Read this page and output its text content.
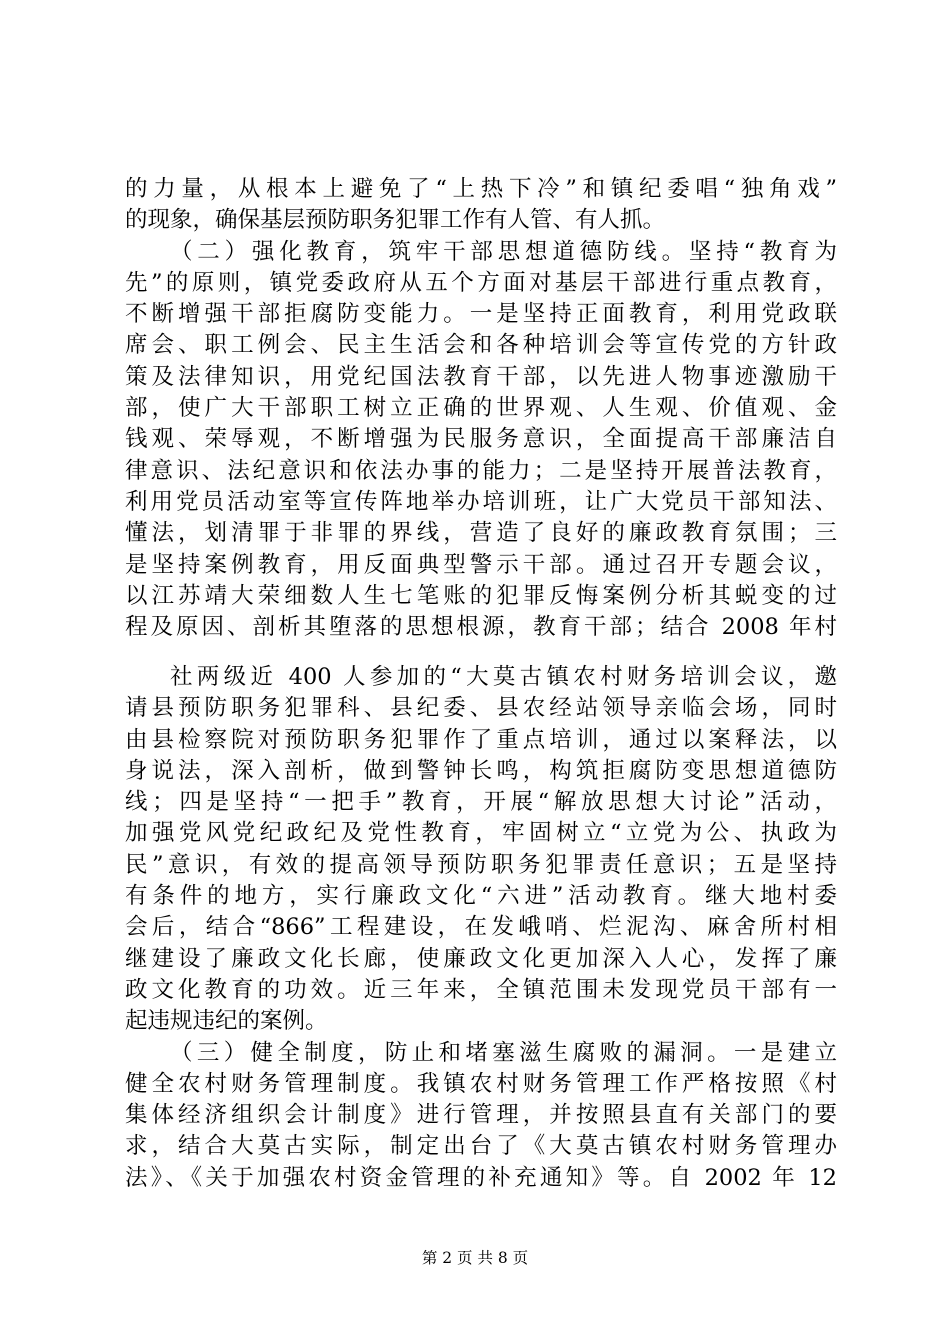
的力量，从根本上避免了“上热下冷”和镇纪委唱“独角戏”
的现象，确保基层预防职务犯罪工作有人管、有人抓。
（二）强化教育，筑牢干部思想道德防线。坚持“教育为
先”的原则，镇党委政府从五个方面对基层干部进行重点教育，
不断增强干部拒腐防变能力。一是坚持正面教育，利用党政联
席会、职工例会、民主生活会和各种培训会等宣传党的方针政
策及法律知识，用党纪国法教育干部，以先进人物事迹激励干
部，使广大干部职工树立正确的世界观、人生观、价值观、金
钱观、荣辱观，不断增强为民服务意识，全面提高干部廉洁自
律意识、法纪意识和依法办事的能力；二是坚持开展普法教育，
利用党员活动室等宣传阵地举办培训班，让广大党员干部知法、
懂法，划清罪于非罪的界线，营造了良好的廉政教育氛围；三
是坚持案例教育，用反面典型警示干部。通过召开专题会议，
以江苏靖大荣细数人生七笔账的犯罪反悔案例分析其蜕变的过
程及原因、剖析其堕落的思想根源，教育干部；结合 2008 年村
社两级近 400 人参加的“大莫古镇农村财务培训会议，邀
请县预防职务犯罪科、县纪委、县农经站领导亲临会场，同时
由县检察院对预防职务犯罪作了重点培训，通过以案释法，以
身说法，深入剖析，做到警钟长鸣，构筑拒腐防变思想道德防
线；四是坚持“一把手”教育，开展“解放思想大讨论”活动，
加强党风党纪政纪及党性教育，牢固树立“立党为公、执政为
民”意识，有效的提高领导预防职务犯罪责任意识；五是坚持
有条件的地方，实行廉政文化“六进”活动教育。继大地村委
会后，结合“866”工程建设，在发峨哨、烂泥沟、麻舍所村相
继建设了廉政文化长廊，使廉政文化更加深入人心，发挥了廉
政文化教育的功效。近三年来，全镇范围未发现党员干部有一
起违规违纪的案例。
（三）健全制度，防止和堵塞滋生腐败的漏洞。一是建立
健全农村财务管理制度。我镇农村财务管理工作严格按照《村
集体经济组织会计制度》进行管理，并按照县直有关部门的要
求，结合大莫古实际，制定出台了《大莫古镇农村财务管理办
法》、《关于加强农村资金管理的补充通知》等。自 2002 年 12
第 2 页 共 8 页
